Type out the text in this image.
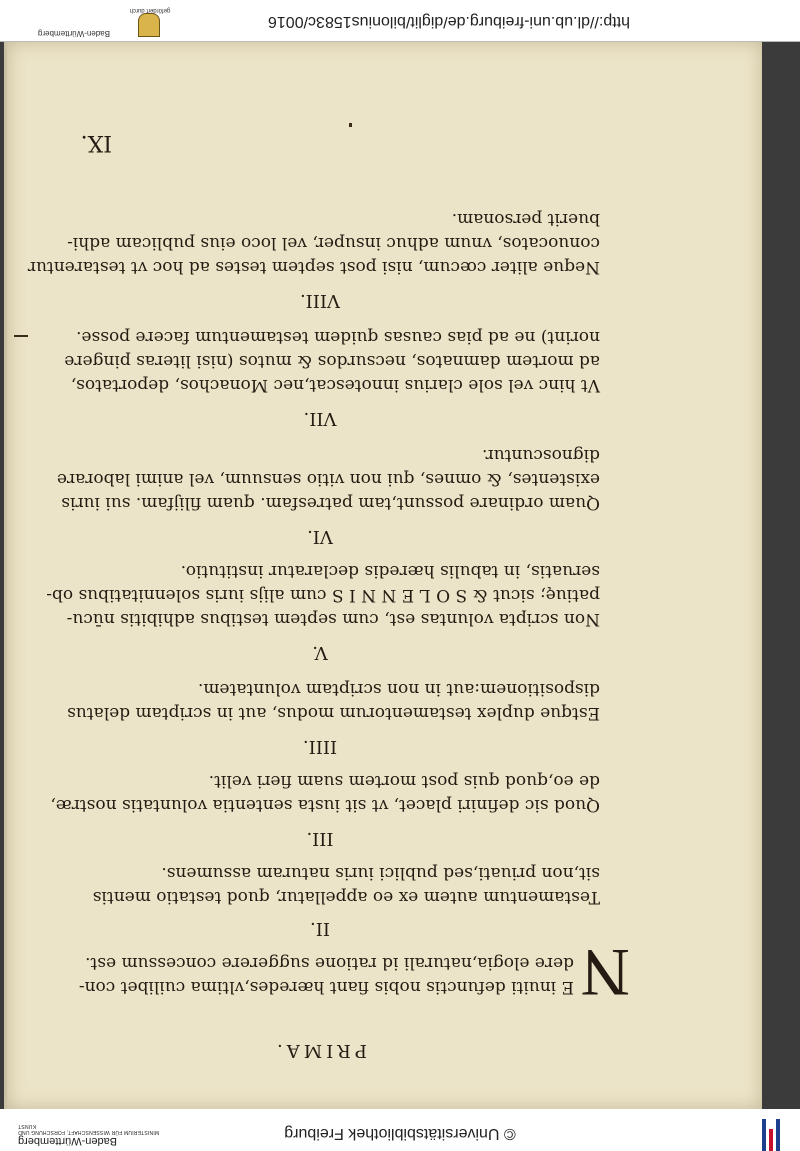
© Universitätsbibliothek Freiburg
Baden-Württemberg
MINISTERIUM FÜR WISSENSCHAFT, FORSCHUNG UND KUNST
PRIMA.
N
E inuiti defunctis nobis fiant hæredes,vltima cuilibet con-
dere elogia,naturali id ratione suggerere concessum est.
II.
Testamentum autem ex eo appellatur, quod testatio mentis
sit,non priuati,sed publici iuris naturam assumens.
III.
Quod sic definiri placet, vt sit iusta sententia voluntatis nostræ,
de eo,quod quis post mortem suam fieri velit.
IIII.
Estque duplex testamentorum modus, aut in scriptam delatus
dispositionem:aut in non scriptam voluntatem.
V.
Non scripta voluntas est, cum septem testibus adhibitis nūcu-
patiuę; sicut & S O L E N N I S cum alijs iuris solennitatibus ob-
seruatis, in tabulis hæredis declaratur institutio.
VI.
Quam ordinare possunt,tam patresfam. quam filijfam. sui iuris
existentes, & omnes, qui non vitio sensuum, vel animi laborare
dignoscuntur.
VII.
Vt hinc vel sole clarius innotescat,nec Monachos, deportatos,
ad mortem damnatos, necsurdos & mutos (nisi literas pingere
norint) ne ad pias causas quidem testamentum facere posse.
VIII.
Neque aliter cœcum, nisi post septem testes ad hoc vt testarentur
conuocatos, vnum adhuc insuper, vel loco eius publicam adhi-
buerit personam.
IX.
http://dl.ub.uni-freiburg.de/diglit/bilonius1583c/0016
gefördert durch
Baden-Württemberg
